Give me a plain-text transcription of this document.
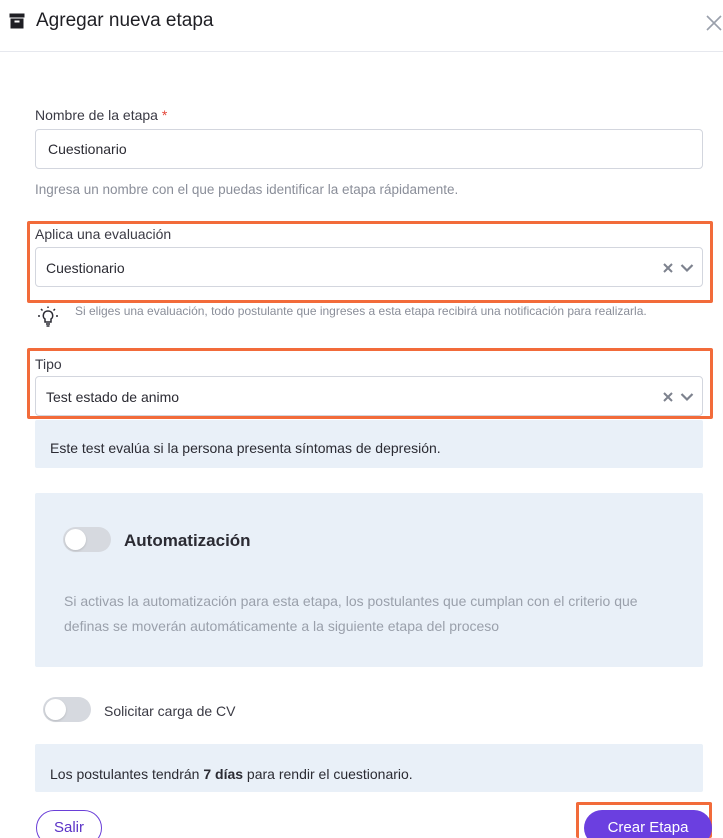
Agregar nueva etapa
Nombre de la etapa *
Cuestionario
Ingresa un nombre con el que puedas identificar la etapa rápidamente.
Aplica una evaluación
Cuestionario
Si eliges una evaluación, todo postulante que ingreses a esta etapa recibirá una notificación para realizarla.
Tipo
Test estado de animo
Este test evalúa si la persona presenta síntomas de depresión.
Automatización
Si activas la automatización para esta etapa, los postulantes que cumplan con el criterio que definas se moverán automáticamente a la siguiente etapa del proceso
Solicitar carga de CV
Los postulantes tendrán 7 días para rendir el cuestionario.
Salir	Crear Etapa
